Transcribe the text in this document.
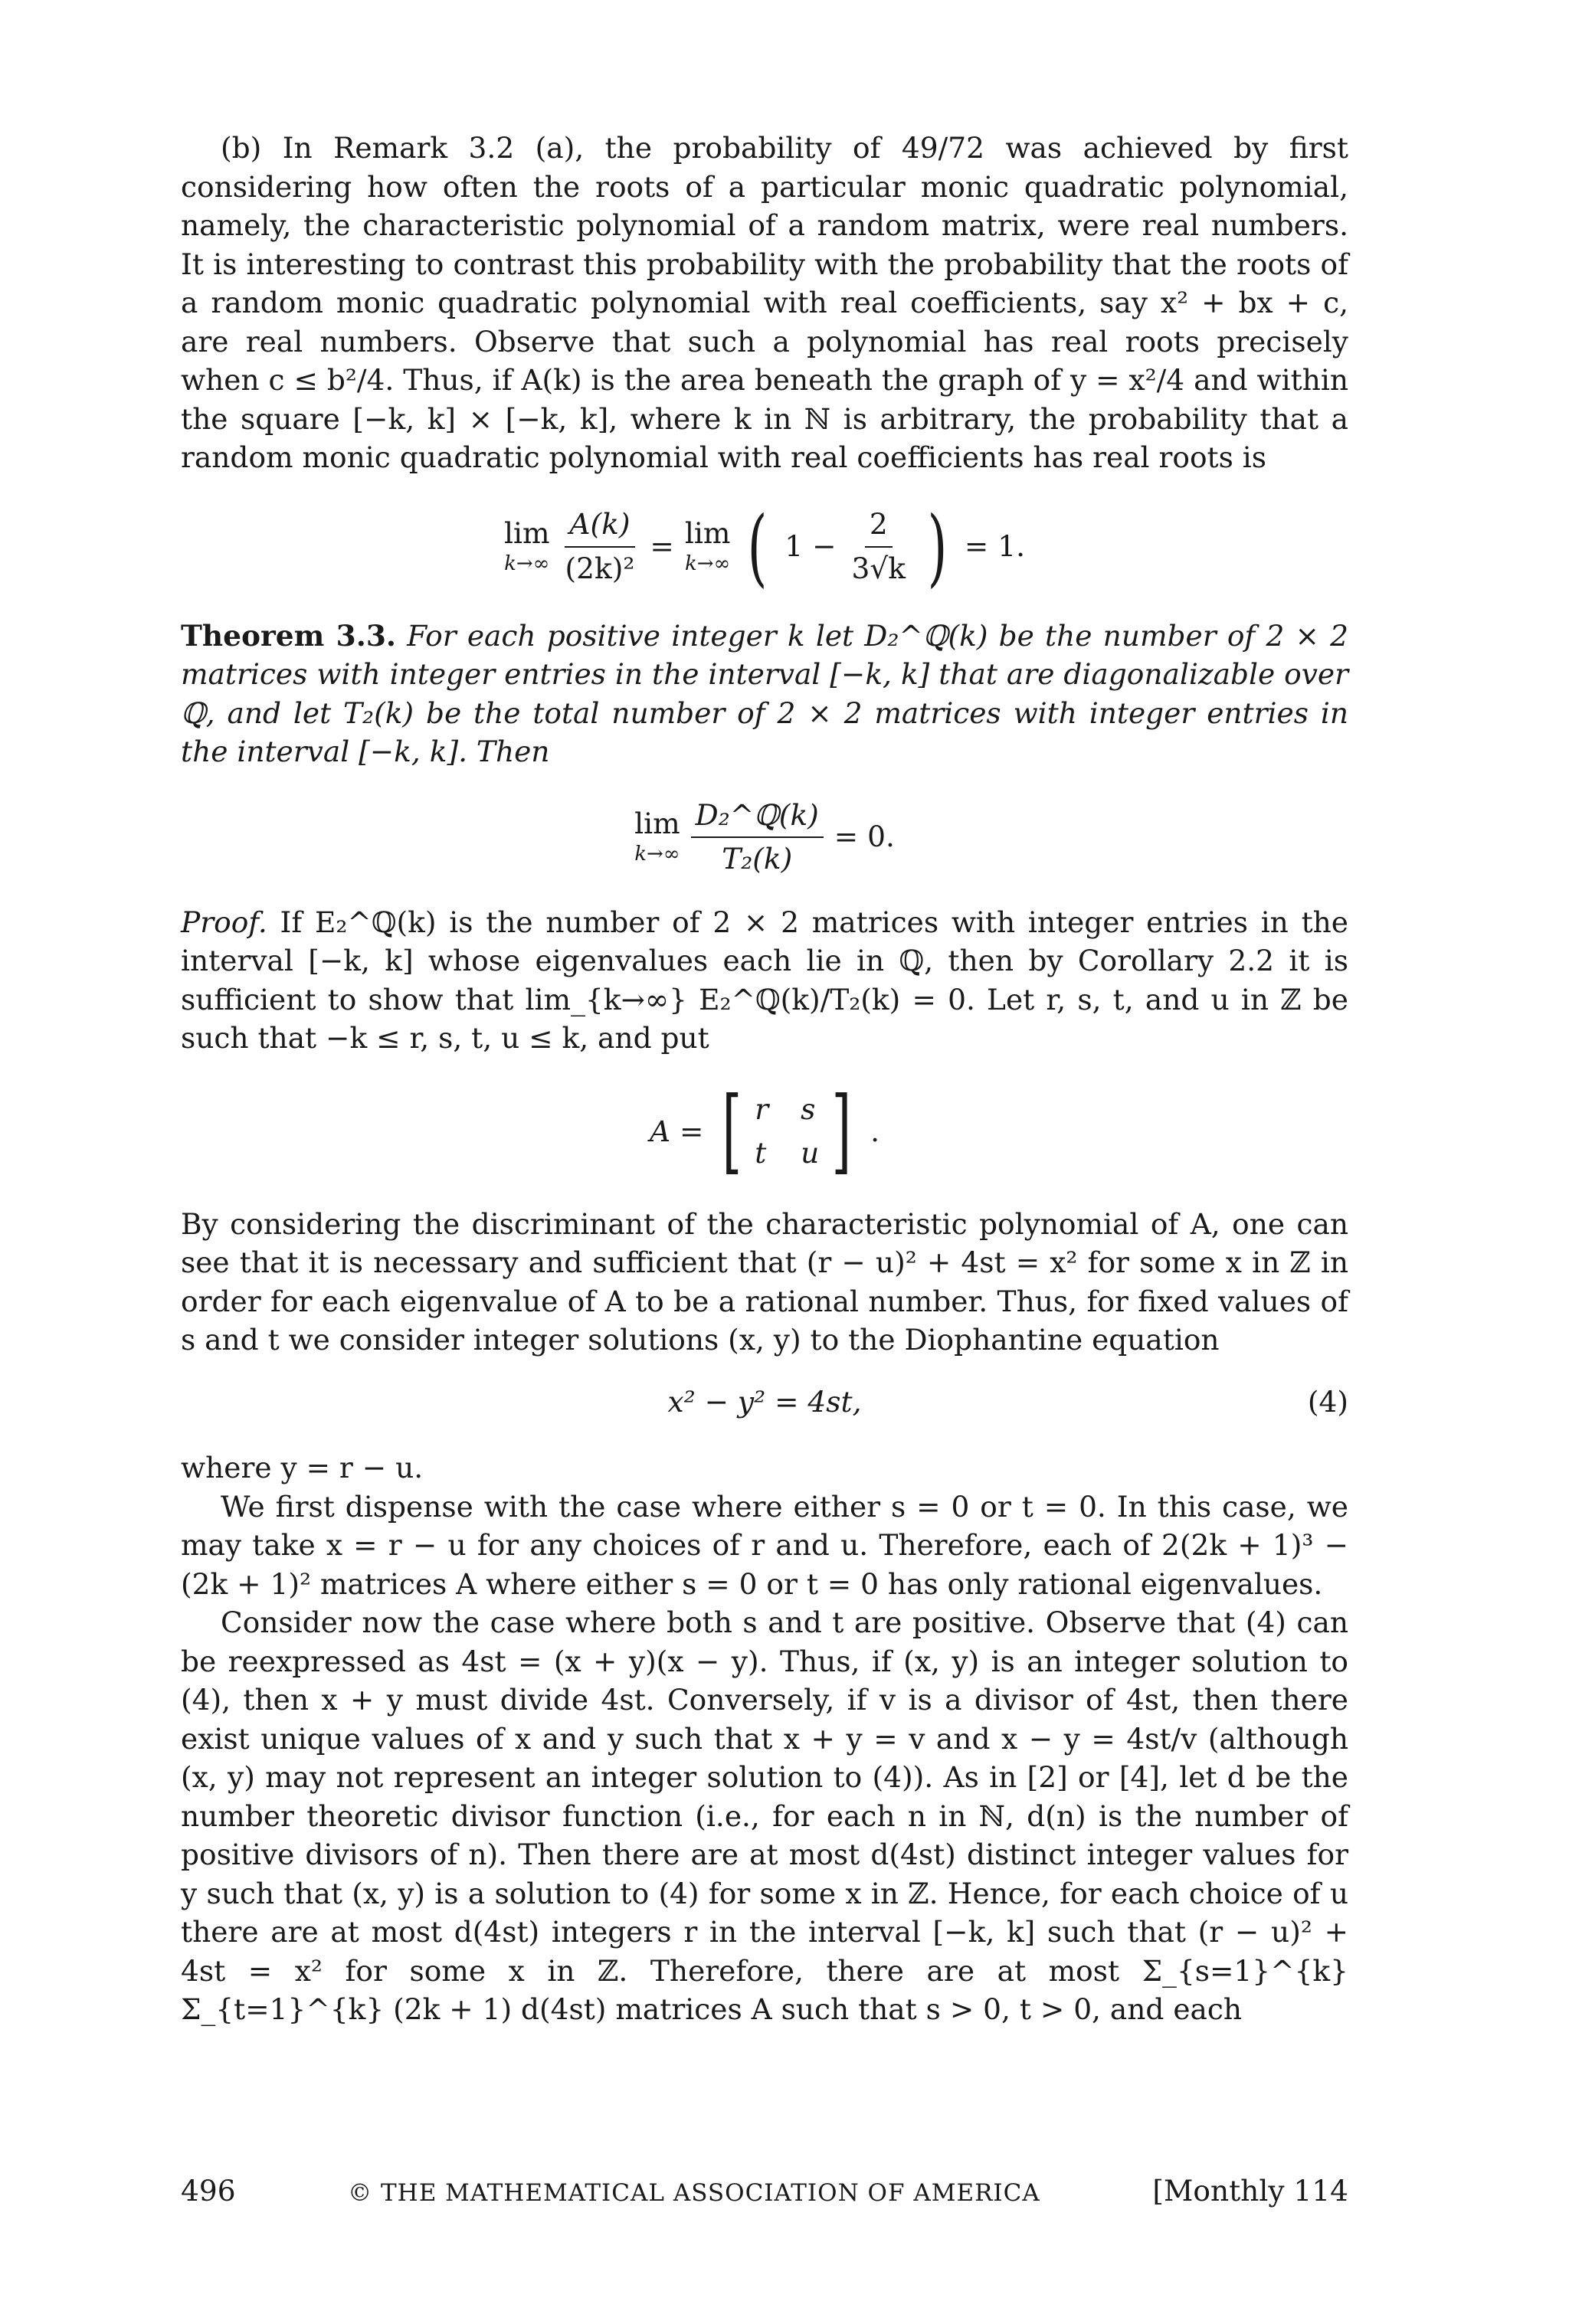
(b) In Remark 3.2 (a), the probability of 49/72 was achieved by first considering how often the roots of a particular monic quadratic polynomial, namely, the characteristic polynomial of a random matrix, were real numbers. It is interesting to contrast this probability with the probability that the roots of a random monic quadratic polynomial with real coefficients, say x² + bx + c, are real numbers. Observe that such a polynomial has real roots precisely when c ≤ b²/4. Thus, if A(k) is the area beneath the graph of y = x²/4 and within the square [−k, k] × [−k, k], where k in ℕ is arbitrary, the probability that a random monic quadratic polynomial with real coefficients has real roots is

lim
$k\to\infty \frac{A(k)}{\text{(2k)²}} = \lim$
k→∞ ( $1 - \frac{2}{3√k}$ ) = 1.

Theorem 3.3. For each positive integer k let D₂^ℚ(k) be the number of 2 × 2 matrices with integer entries in the interval [−k, k] that are diagonalizable over ℚ, and let T₂(k) be the total number of 2 × 2 matrices with integer entries in the interval [−k, k]. Then

lim
$k\to\infty \frac{\text{D₂\textasciicircum{}ℚ(k)}}{\text{T₂(k)}} = 0$.

Proof. If E₂^ℚ(k) is the number of 2 × 2 matrices with integer entries in the interval [−k, k] whose eigenvalues each lie in ℚ, then by Corollary 2.2 it is sufficient to show that lim_{k→∞} E₂^ℚ(k)/T₂(k) = 0. Let r, s, t, and u in ℤ be such that −k ≤ r, s, t, u ≤ k, and put

A = [ r s
t u ] .

By considering the discriminant of the characteristic polynomial of A, one can see that it is necessary and sufficient that (r − u)² + 4st = x² for some x in ℤ in order for each eigenvalue of A to be a rational number. Thus, for fixed values of s and t we consider integer solutions (x, y) to the Diophantine equation

x² − y² = 4st,	(4)

where y = r − u.

We first dispense with the case where either s = 0 or t = 0. In this case, we may take x = r − u for any choices of r and u. Therefore, each of 2(2k + 1)³ − (2k + 1)² matrices A where either s = 0 or t = 0 has only rational eigenvalues.

Consider now the case where both s and t are positive. Observe that (4) can be reexpressed as 4st = (x + y)(x − y). Thus, if (x, y) is an integer solution to (4), then x + y must divide 4st. Conversely, if v is a divisor of 4st, then there exist unique values of x and y such that x + y = v and x − y = 4st/v (although (x, y) may not represent an integer solution to (4)). As in [2] or [4], let d be the number theoretic divisor function (i.e., for each n in ℕ, d(n) is the number of positive divisors of n). Then there are at most d(4st) distinct integer values for y such that (x, y) is a solution to (4) for some x in ℤ. Hence, for each choice of u there are at most d(4st) integers r in the interval [−k, k] such that (r − u)² + 4st = x² for some x in ℤ. Therefore, there are at most Σ_{s=1}^{k} Σ_{t=1}^{k} (2k + 1) d(4st) matrices A such that s > 0, t > 0, and each

496	© THE MATHEMATICAL ASSOCIATION OF AMERICA	[Monthly 114
